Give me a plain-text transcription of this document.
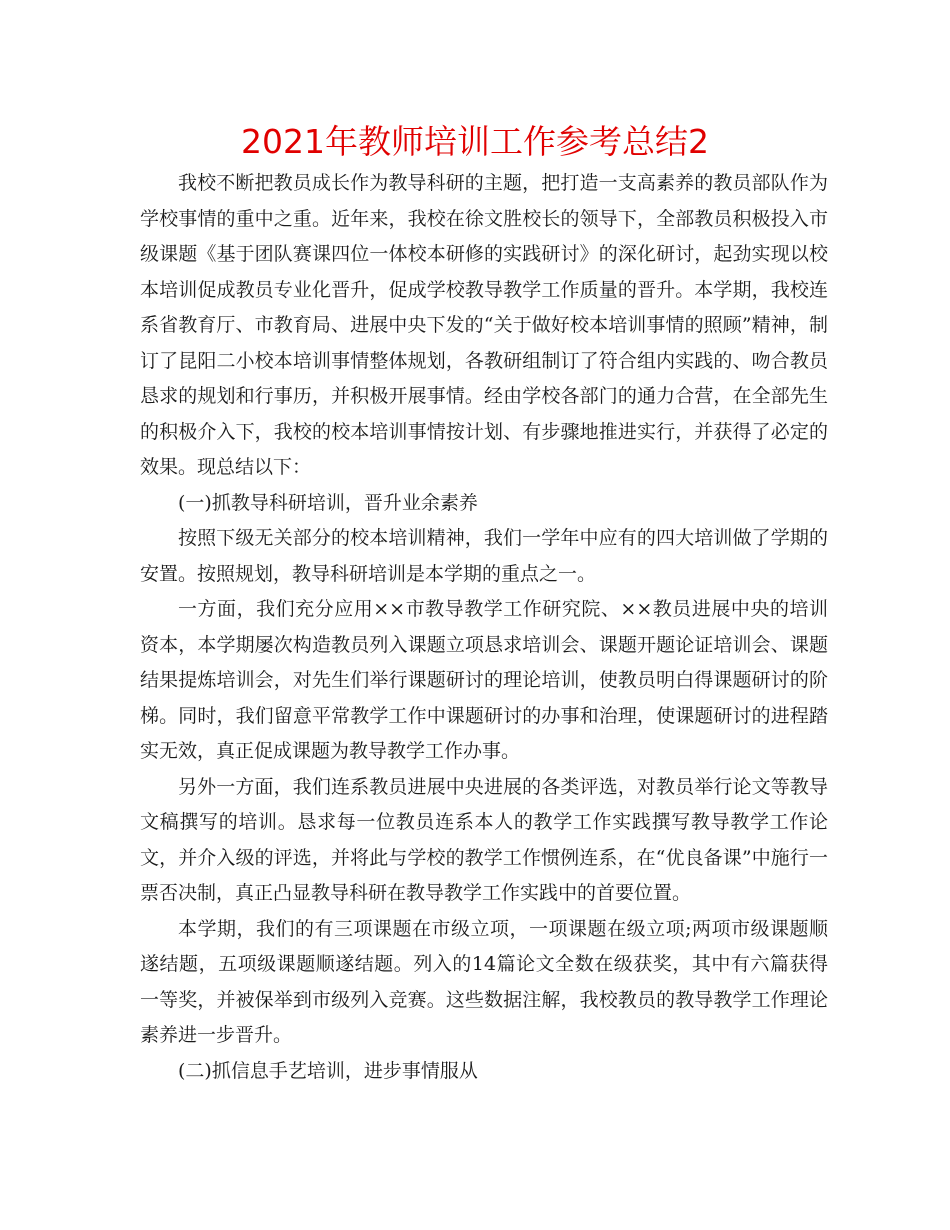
2021年教师培训工作参考总结2

我校不断把教员成长作为教导科研的主题，把打造一支高素养的教员部队作为学校事情的重中之重。近年来，我校在徐文胜校长的领导下，全部教员积极投入市级课题《基于团队赛课四位一体校本研修的实践研讨》的深化研讨，起劲实现以校本培训促成教员专业化晋升，促成学校教导教学工作质量的晋升。本学期，我校连系省教育厅、市教育局、进展中央下发的“关于做好校本培训事情的照顾”精神，制订了昆阳二小校本培训事情整体规划，各教研组制订了符合组内实践的、吻合教员恳求的规划和行事历，并积极开展事情。经由学校各部门的通力合营，在全部先生的积极介入下，我校的校本培训事情按计划、有步骤地推进实行，并获得了必定的效果。现总结以下：

(一)抓教导科研培训，晋升业余素养

按照下级无关部分的校本培训精神，我们一学年中应有的四大培训做了学期的安置。按照规划，教导科研培训是本学期的重点之一。

一方面，我们充分应用××市教导教学工作研究院、××教员进展中央的培训资本，本学期屡次构造教员列入课题立项恳求培训会、课题开题论证培训会、课题结果提炼培训会，对先生们举行课题研讨的理论培训，使教员明白得课题研讨的阶梯。同时，我们留意平常教学工作中课题研讨的办事和治理，使课题研讨的进程踏实无效，真正促成课题为教导教学工作办事。

另外一方面，我们连系教员进展中央进展的各类评选，对教员举行论文等教导文稿撰写的培训。恳求每一位教员连系本人的教学工作实践撰写教导教学工作论文，并介入级的评选，并将此与学校的教学工作惯例连系，在“优良备课”中施行一票否决制，真正凸显教导科研在教导教学工作实践中的首要位置。

本学期，我们的有三项课题在市级立项，一项课题在级立项;两项市级课题顺遂结题，五项级课题顺遂结题。列入的14篇论文全数在级获奖，其中有六篇获得一等奖，并被保举到市级列入竞赛。这些数据注解，我校教员的教导教学工作理论素养进一步晋升。

(二)抓信息手艺培训，进步事情服从
